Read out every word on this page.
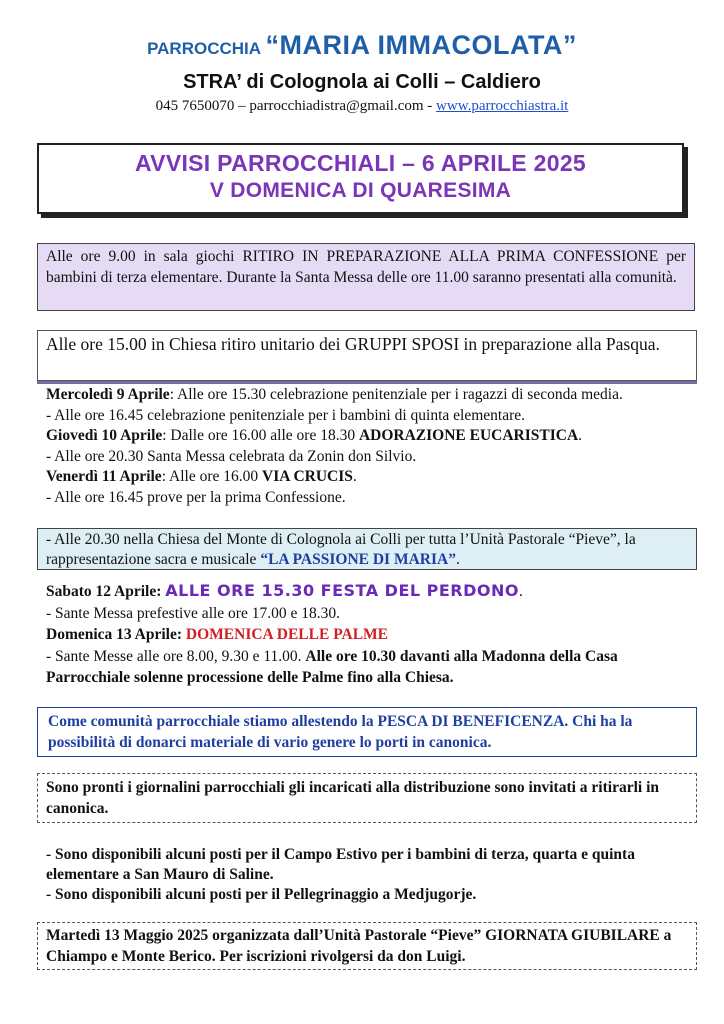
PARROCCHIA “MARIA IMMACOLATA”
STRA’ di Colognola ai Colli – Caldiero
045 7650070 – parrocchiadistra@gmail.com - www.parrocchiastra.it
AVVISI PARROCCHIALI – 6 APRILE 2025
V DOMENICA DI QUARESIMA
Alle ore 9.00 in sala giochi RITIRO IN PREPARAZIONE ALLA PRIMA CONFESSIONE per bambini di terza elementare. Durante la Santa Messa delle ore 11.00 saranno presentati alla comunità.
Alle ore 15.00 in Chiesa ritiro unitario dei GRUPPI SPOSI in preparazione alla Pasqua.

Mercoledì 9 Aprile: Alle ore 15.30 celebrazione penitenziale per i ragazzi di seconda media.

- Alle ore 16.45 celebrazione penitenziale per i bambini di quinta elementare.

Giovedì 10 Aprile: Dalle ore 16.00 alle ore 18.30 ADORAZIONE EUCARISTICA.

- Alle ore 20.30 Santa Messa celebrata da Zonin don Silvio.

Venerdì 11 Aprile: Alle ore 16.00 VIA CRUCIS.

- Alle ore 16.45 prove per la prima Confessione.

- Alle 20.30 nella Chiesa del Monte di Colognola ai Colli per tutta l’Unità Pastorale “Pieve”, la rappresentazione sacra e musicale “LA PASSIONE DI MARIA”.

Sabato 12 Aprile: ALLE ORE 15.30 FESTA DEL PERDONO.

- Sante Messa prefestive alle ore 17.00 e 18.30.

Domenica 13 Aprile: DOMENICA DELLE PALME

- Sante Messe alle ore 8.00, 9.30 e 11.00. Alle ore 10.30 davanti alla Madonna della Casa Parrocchiale solenne processione delle Palme fino alla Chiesa.

Come comunità parrocchiale stiamo allestendo la PESCA DI BENEFICENZA. Chi ha la possibilità di donarci materiale di vario genere lo porti in canonica.
Sono pronti i giornalini parrocchiali gli incaricati alla distribuzione sono invitati a ritirarli in canonica.

- Sono disponibili alcuni posti per il Campo Estivo per i bambini di terza, quarta e quinta elementare a San Mauro di Saline.

- Sono disponibili alcuni posti per il Pellegrinaggio a Medjugorje.

Martedì 13 Maggio 2025 organizzata dall’Unità Pastorale “Pieve” GIORNATA GIUBILARE a Chiampo e Monte Berico. Per iscrizioni rivolgersi da don Luigi.
